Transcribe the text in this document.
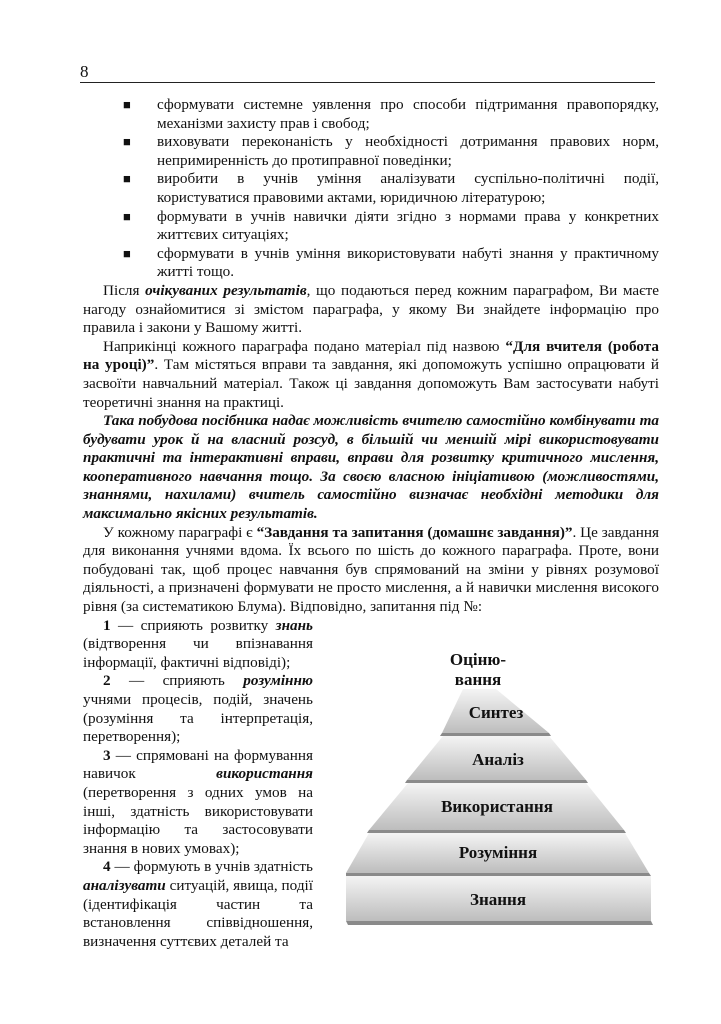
8
■ сформувати системне уявлення про способи підтримання правопорядку, механізми захисту прав і свобод;
■ виховувати переконаність у необхідності дотримання правових норм, непримиренність до протиправної поведінки;
■ виробити в учнів уміння аналізувати суспільно-політичні події, користуватися правовими актами, юридичною літературою;
■ формувати в учнів навички діяти згідно з нормами права у конкретних життєвих ситуаціях;
■ сформувати в учнів уміння використовувати набуті знання у практичному житті тощо.

Після очікуваних результатів, що подаються перед кожним параграфом, Ви маєте нагоду ознайомитися зі змістом параграфа, у якому Ви знайдете інформацію про правила і закони у Вашому житті.

Наприкінці кожного параграфа подано матеріал під назвою “Для вчителя (робота на уроці)”. Там містяться вправи та завдання, які допоможуть успішно опрацювати й засвоїти навчальний матеріал. Також ці завдання допоможуть Вам застосувати набуті теоретичні знання на практиці.

Така побудова посібника надає можливість вчителю самостійно комбінувати та будувати урок й на власний розсуд, в більшій чи меншій мірі використовувати практичні та інтерактивні вправи, вправи для розвитку критичного мислення, кооперативного навчання тощо. За своєю власною ініціативою (можливостями, знаннями, нахилами) вчитель самостійно визначає необхідні методики для максимально якісних результатів.

У кожному параграфі є “Завдання та запитання (домашнє завдання)”. Це завдання для виконання учнями вдома. Їх всього по шість до кожного параграфа. Проте, вони побудовані так, щоб процес навчання був спрямований на зміни у рівнях розумової діяльності, а призначені формувати не просто мислення, а й навички мислення високого рівня (за систематикою Блума). Відповідно, запитання під №:

1 — сприяють розвитку знань (відтворення чи впізнавання інформації, фактичні відповіді);

2 — сприяють розумінню учнями процесів, подій, значень (розуміння та інтерпретація, перетворення);

3 — спрямовані на формування навичок використання (перетворення з одних умов на інші, здатність використовувати інформацію та застосовувати знання в нових умовах);

4 — формують в учнів здатність аналізувати ситуацій, явища, події (ідентифікація частин та встановлення співвідношення, визначення суттєвих деталей та

Оціню-
вання
Синтез
Аналіз
Використання
Розуміння
Знання
